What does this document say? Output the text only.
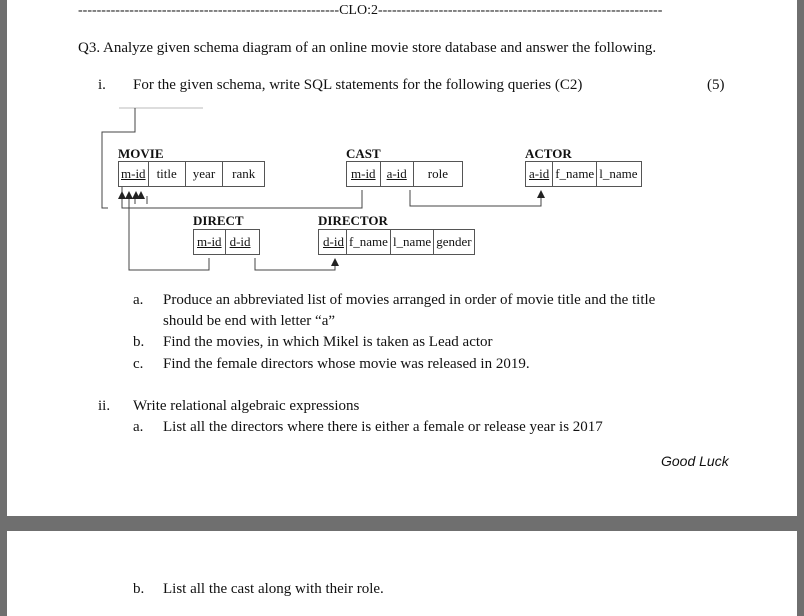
--------------------------------------------------------CLO:2-------------------------------------------------------------
Q3. Analyze given schema diagram of an online movie store database and answer the following.
i. For the given schema, write SQL statements for the following queries (C2)	(5)
MOVIE
m-id title	year	rank
CAST
m-id a-id	role
ACTOR
a-id f_name l_name
DIRECT
m-id d-id
DIRECTOR
d-id f_name l_name gender
a. Produce an abbreviated list of movies arranged in order of movie title and the title
should be end with letter “a”
b. Find the movies, in which Mikel is taken as Lead actor
c. Find the female directors whose movie was released in 2019.
ii. Write relational algebraic expressions
a. List all the directors where there is either a female or release year is 2017
Good Luck
b. List all the cast along with their role.
